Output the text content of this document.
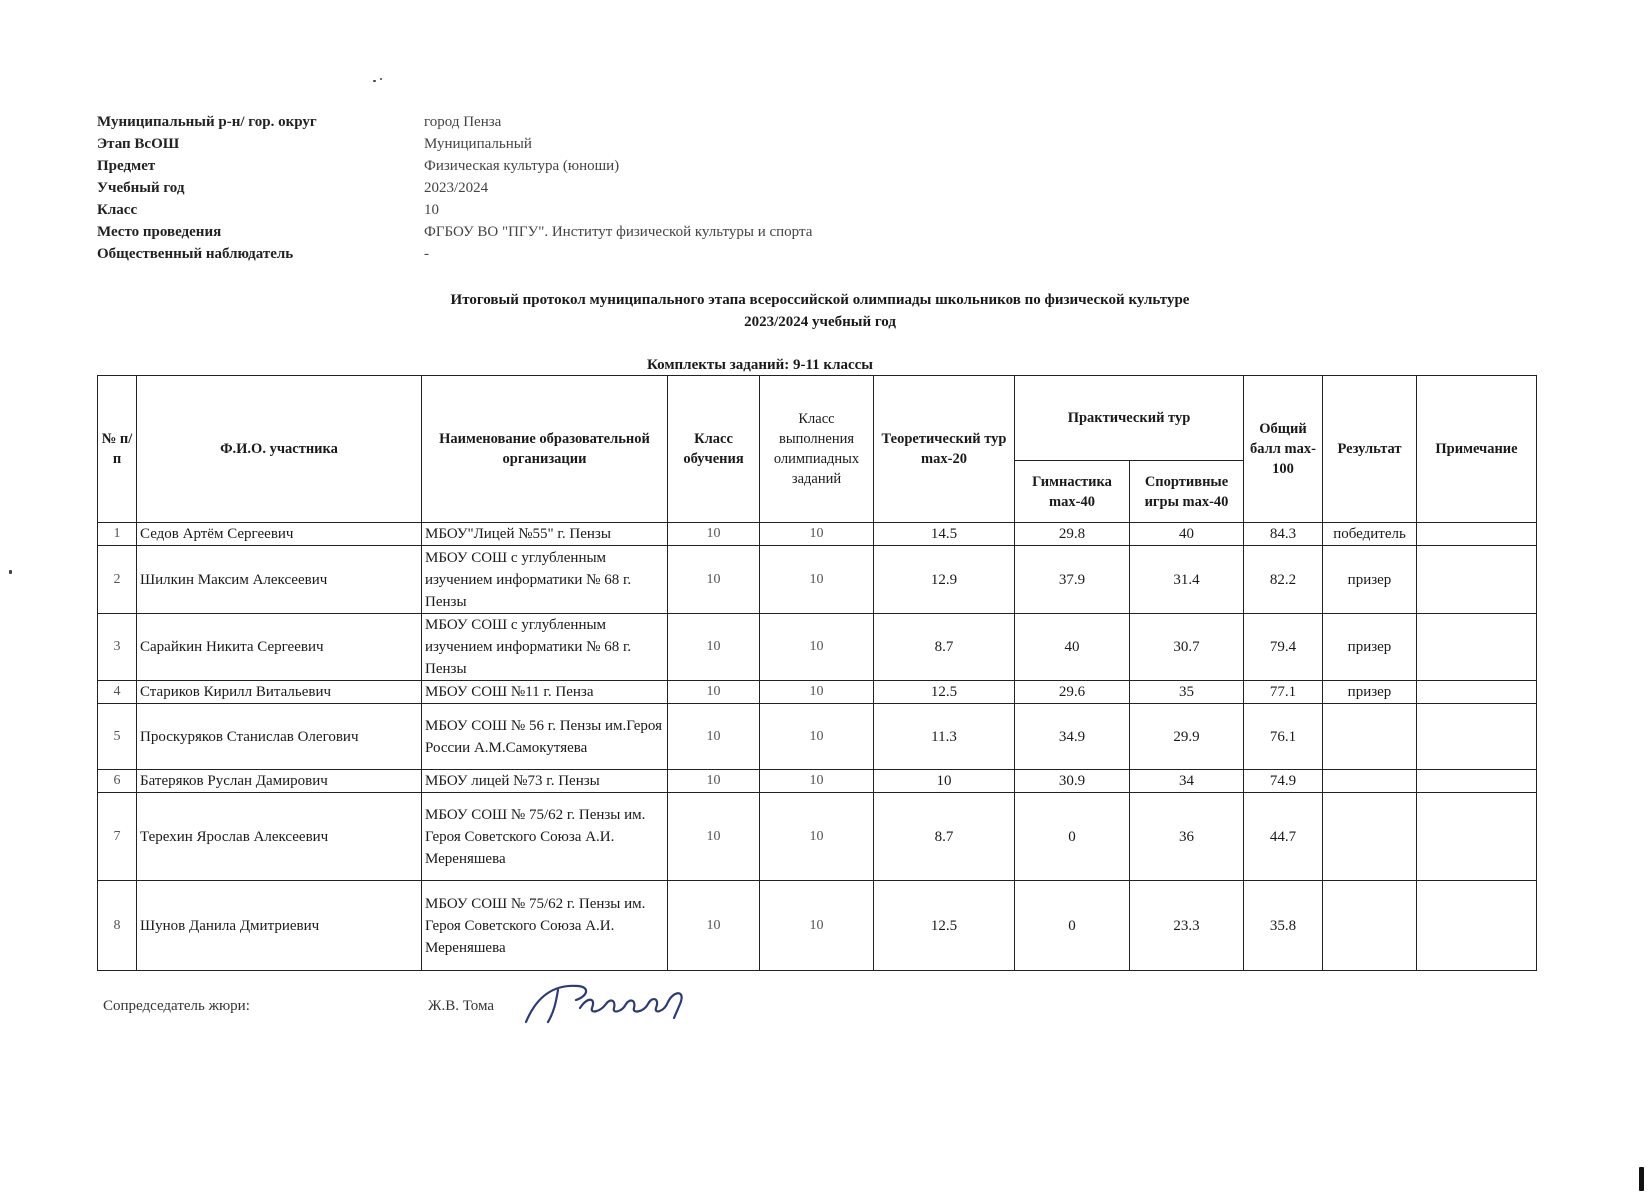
Муниципальный р-н/ гор. округ	город Пенза
Этап ВсОШ	Муниципальный
Предмет	Физическая культура (юноши)
Учебный год	2023/2024
Класс	10
Место проведения	ФГБОУ ВО "ПГУ". Институт физической культуры и спорта
Общественный наблюдатель	-
Итоговый протокол муниципального этапа всероссийской олимпиады школьников по физической культуре
2023/2024 учебный год
Комплекты заданий: 9-11 классы
№ п/п	Ф.И.О. участника	Наименование образовательной организации	Класс обучения	Класс выполнения олимпиадных заданий	Теоретический тур max-20	Практический тур		Общий балл max-100	Результат	Примечание
						Гимнастика max-40	Спортивные игры max-40			
1	Седов Артём Сергеевич	МБОУ"Лицей №55" г. Пензы	10	10	14.5	29.8	40	84.3	победитель	
2	Шилкин Максим Алексеевич	МБОУ СОШ с углубленным изучением информатики № 68 г. Пензы	10	10	12.9	37.9	31.4	82.2	призер	
3	Сарайкин Никита Сергеевич	МБОУ СОШ с углубленным изучением информатики № 68 г. Пензы	10	10	8.7	40	30.7	79.4	призер	
4	Стариков Кирилл Витальевич	МБОУ СОШ №11 г. Пенза	10	10	12.5	29.6	35	77.1	призер	
5	Проскуряков Станислав Олегович	МБОУ СОШ № 56 г. Пензы им.Героя России А.М.Самокутяева	10	10	11.3	34.9	29.9	76.1		
6	Батеряков Руслан Дамирович	МБОУ лицей №73 г. Пензы	10	10	10	30.9	34	74.9		
7	Терехин Ярослав Алексеевич	МБОУ СОШ № 75/62 г. Пензы им. Героя Советского Союза А.И. Мереняшева	10	10	8.7	0	36	44.7		
8	Шунов Данила Дмитриевич	МБОУ СОШ № 75/62 г. Пензы им. Героя Советского Союза А.И. Мереняшева	10	10	12.5	0	23.3	35.8		
Сопредседатель жюри:	Ж.В. Тома
